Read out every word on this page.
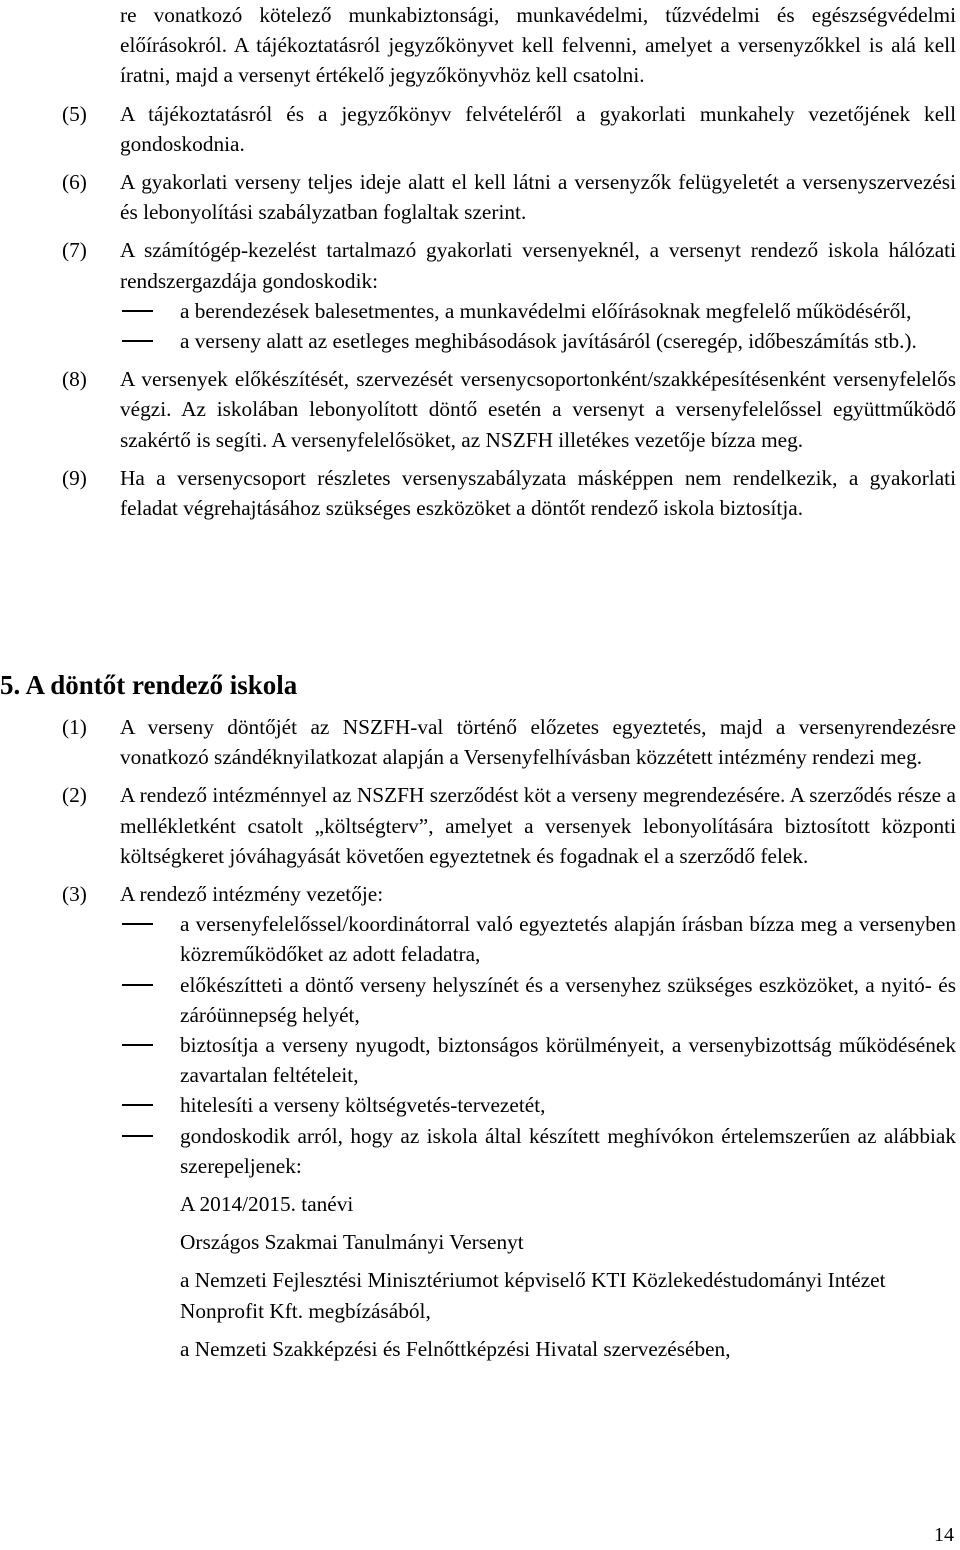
re vonatkozó kötelező munkabiztonsági, munkavédelmi, tűzvédelmi és egészségvédelmi előírásokról. A tájékoztatásról jegyzőkönyvet kell felvenni, amelyet a versenyzőkkel is alá kell íratni, majd a versenyt értékelő jegyzőkönyvhöz kell csatolni.
(5)	A tájékoztatásról és a jegyzőkönyv felvételéről a gyakorlati munkahely vezetőjének kell gondoskodnia.
(6)	A gyakorlati verseny teljes ideje alatt el kell látni a versenyzők felügyeletét a versenyszervezési és lebonyolítási szabályzatban foglaltak szerint.
(7)	A számítógép-kezelést tartalmazó gyakorlati versenyeknél, a versenyt rendező iskola hálózati rendszergazdája gondoskodik:
a berendezések balesetmentes, a munkavédelmi előírásoknak megfelelő működéséről,
a verseny alatt az esetleges meghibásodások javításáról (cseregép, időbeszámítás stb.).
(8)	A versenyek előkészítését, szervezését versenycsoportonként/szakképesítésenként versenyfelelős végzi. Az iskolában lebonyolított döntő esetén a versenyt a versenyfelelőssel együttműködő szakértő is segíti. A versenyfelelősöket, az NSZFH illetékes vezetője bízza meg.
(9)	Ha a versenycsoport részletes versenyszabályzata másképpen nem rendelkezik, a gyakorlati feladat végrehajtásához szükséges eszközöket a döntőt rendező iskola biztosítja.
5. A döntőt rendező iskola
(1)	A verseny döntőjét az NSZFH-val történő előzetes egyeztetés, majd a versenyrendezésre vonatkozó szándéknyilatkozat alapján a Versenyfelhívásban közzétett intézmény rendezi meg.
(2)	A rendező intézménnyel az NSZFH szerződést köt a verseny megrendezésére. A szerződés része a mellékletként csatolt „költségterv”, amelyet a versenyek lebonyolítására biztosított központi költségkeret jóváhagyását követően egyeztetnek és fogadnak el a szerződő felek.
(3)	A rendező intézmény vezetője:
a versenyfelelőssel/koordinátorral való egyeztetés alapján írásban bízza meg a versenyben közreműködőket az adott feladatra,
előkészítteti a döntő verseny helyszínét és a versenyhez szükséges eszközöket, a nyitó- és záróünnepség helyét,
biztosítja a verseny nyugodt, biztonságos körülményeit, a versenybizottság működésének zavartalan feltételeit,
hitelesíti a verseny költségvetés-tervezetét,
gondoskodik arról, hogy az iskola által készített meghívókon értelemszerűen az alábbiak szerepeljenek:
A 2014/2015. tanévi
Országos Szakmai Tanulmányi Versenyt
a Nemzeti Fejlesztési Minisztériumot képviselő KTI Közlekedéstudományi Intézet Nonprofit Kft. megbízásából,
a Nemzeti Szakképzési és Felnőttképzési Hivatal szervezésében,
14
